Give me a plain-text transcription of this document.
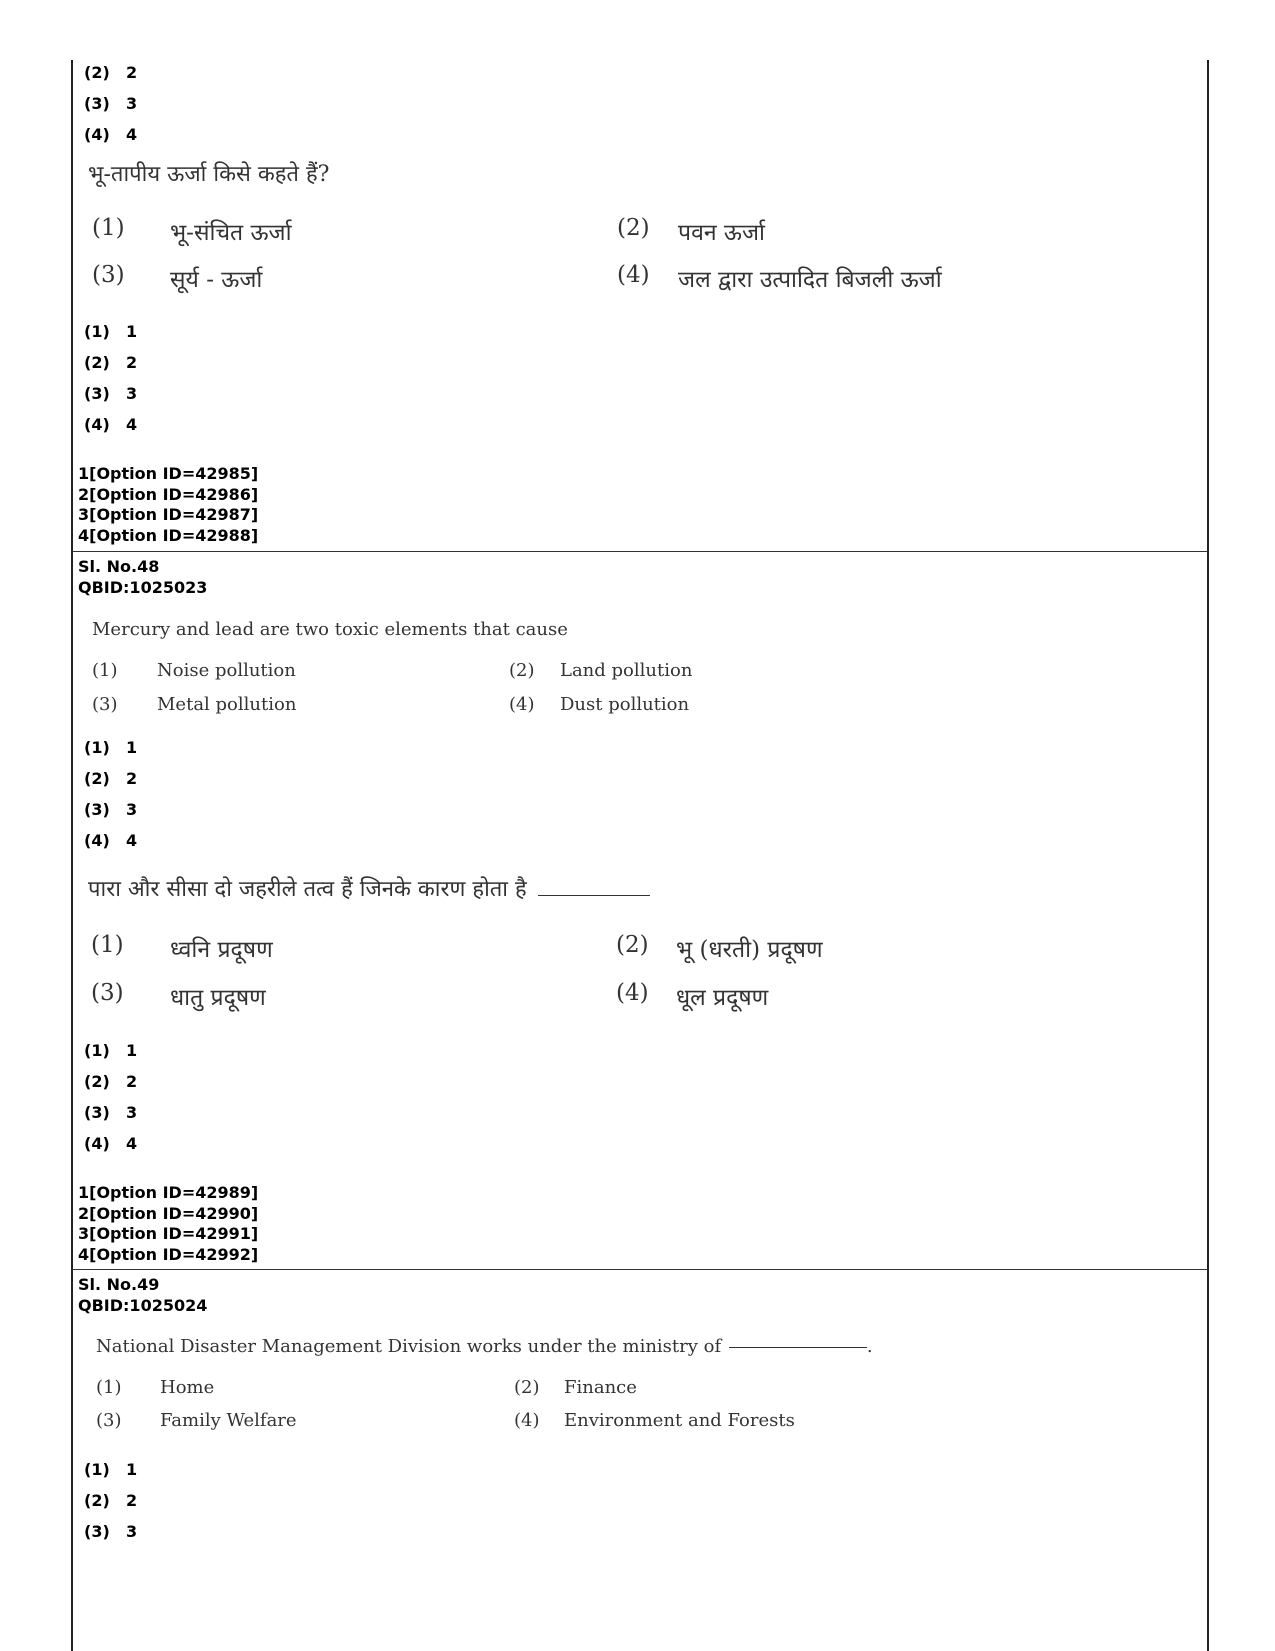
(2) 2
(3) 3
(4) 4
भू-तापीय ऊर्जा किसे कहते हैं?
(1) भू-संचित ऊर्जा	(2) पवन ऊर्जा
(3) सूर्य - ऊर्जा	(4) जल द्वारा उत्पादित बिजली ऊर्जा
(1) 1
(2) 2
(3) 3
(4) 4
1[Option ID=42985]
2[Option ID=42986]
3[Option ID=42987]
4[Option ID=42988]
Sl. No.48
QBID:1025023
Mercury and lead are two toxic elements that cause
(1) Noise pollution	(2) Land pollution
(3) Metal pollution	(4) Dust pollution
(1) 1
(2) 2
(3) 3
(4) 4
पारा और सीसा दो जहरीले तत्व हैं जिनके कारण होता है
(1) ध्वनि प्रदूषण	(2) भू (धरती) प्रदूषण
(3) धातु प्रदूषण	(4) धूल प्रदूषण
(1) 1
(2) 2
(3) 3
(4) 4
1[Option ID=42989]
2[Option ID=42990]
3[Option ID=42991]
4[Option ID=42992]
Sl. No.49
QBID:1025024
National Disaster Management Division works under the ministry of	.
(1) Home	(2) Finance
(3) Family Welfare	(4) Environment and Forests
(1) 1
(2) 2
(3) 3
